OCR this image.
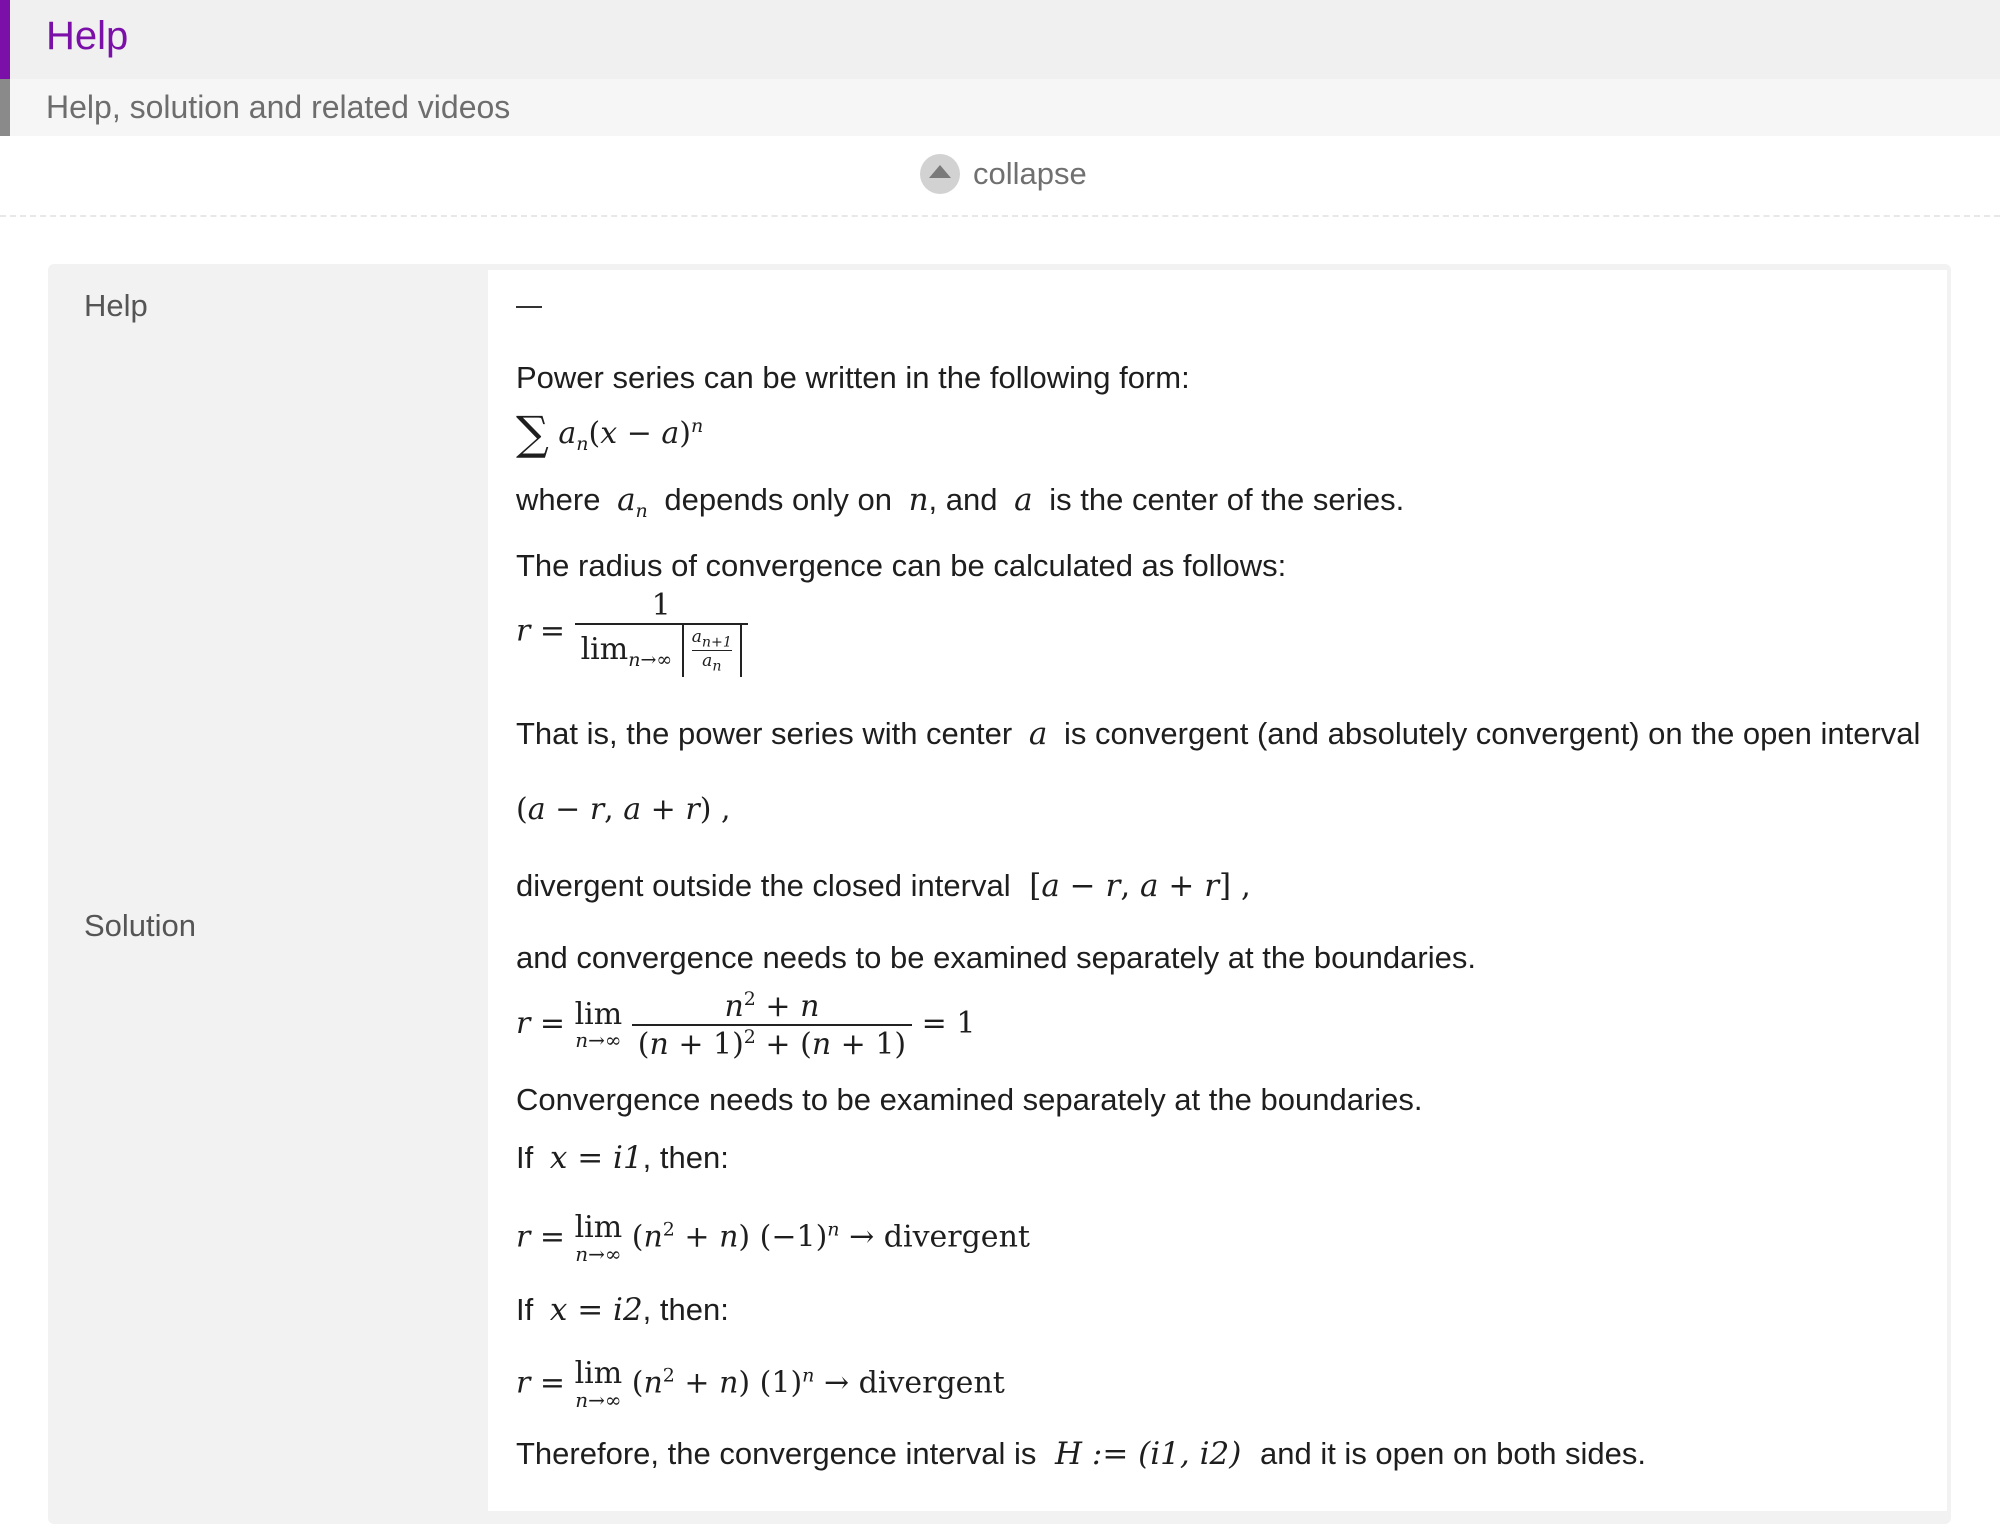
Help
Help, solution and related videos
collapse
Help
Solution
Power series can be written in the following form:
∑ $a_n(x - a)^n$
where $a_n$ depends only on n, and a is the center of the series.
The radius of convergence can be calculated as follows:
$r = \frac{1}{\lim_{n\to\infty} \frac{a_{n+1}}{a_n}}$
That is, the power series with center a is convergent (and absolutely convergent) on the open interval
(a − r, a + r) ,
divergent outside the closed interval [a − r, a + r] ,
and convergence needs to be examined separately at the boundaries.
r = lim
n→∞
$\frac{n^2 + n}{(n + 1)^2 + (n + 1)} = 1$
Convergence needs to be examined separately at the boundaries.
If x = i1, then:
r = lim
n→∞ $(n^2 + n) (-1)^n$ → divergent
If x = i2, then:
r = lim
n→∞ $(n^2 + n) (1)^n$ → divergent
Therefore, the convergence interval is H := (i1, i2) and it is open on both sides.
